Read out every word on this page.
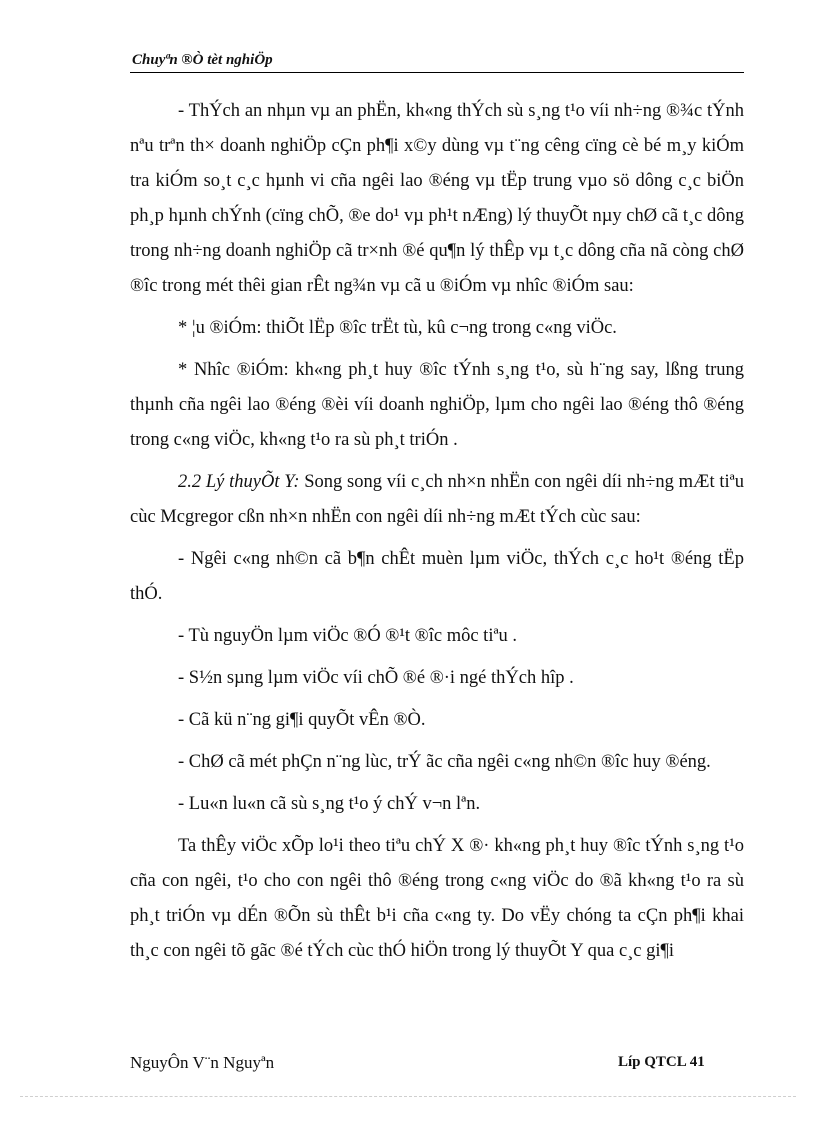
Chuyªn ®Ò tèt nghiÖp

- ThÝch an nhµn vµ an phËn, kh«ng thÝch sù s¸ng t¹o víi nh÷ng ®¾c tÝnh nªu trªn th× doanh nghiÖp cÇn ph¶i x©y dùng vµ t¨ng cêng cïng cè bé m¸y kiÓm tra kiÓm so¸t c¸c hµnh vi cña ngêi lao ®éng vµ tËp trung vµo sö dông c¸c biÖn ph¸p hµnh chÝnh (cïng chÕ, ®e do¹ vµ ph¹t nÆng) lý thuyÕt nµy chØ cã t¸c dông trong nh÷ng doanh nghiÖp cã tr×nh ®é qu¶n lý thÊp vµ t¸c dông cña nã còng chØ ®îc trong mét thêi gian rÊt ng¾n vµ cã u ®iÓm vµ nhîc ®iÓm sau:

* ¦u ®iÓm: thiÕt lËp ®îc trËt tù, kû c¬ng trong c«ng viÖc.

* Nhîc ®iÓm: kh«ng ph¸t huy ®îc tÝnh s¸ng t¹o, sù h¨ng say, lßng trung thµnh cña ngêi lao ®éng ®èi víi doanh nghiÖp, lµm cho ngêi lao ®éng thô ®éng trong c«ng viÖc, kh«ng t¹o ra sù ph¸t triÓn .

2.2 Lý thuyÕt Y: Song song víi c¸ch nh×n nhËn con ngêi díi nh÷ng mÆt tiªu cùc Mcgregor cßn nh×n nhËn con ngêi díi nh÷ng mÆt tÝch cùc sau:

- Ngêi c«ng nh©n cã b¶n chÊt muèn lµm viÖc, thÝch c¸c ho¹t ®éng tËp thÓ.

- Tù nguyÖn lµm viÖc ®Ó ®¹t ®îc môc tiªu .

- S½n sµng lµm viÖc víi chÕ ®é ®·i ngé thÝch hîp .

- Cã kü n¨ng gi¶i quyÕt vÊn ®Ò.

- ChØ cã mét phÇn n¨ng lùc, trÝ ãc cña ngêi c«ng nh©n ®îc huy ®éng.

- Lu«n lu«n cã sù s¸ng t¹o ý chÝ v¬n lªn.

Ta thÊy viÖc xÕp lo¹i theo tiªu chÝ X ®· kh«ng ph¸t huy ®îc tÝnh s¸ng t¹o cña con ngêi, t¹o cho con ngêi thô ®éng trong c«ng viÖc do ®ã kh«ng t¹o ra sù ph¸t triÓn vµ dÉn ®Õn sù thÊt b¹i cña c«ng ty. Do vËy chóng ta cÇn ph¶i khai th¸c con ngêi tõ gãc ®é tÝch cùc thÓ hiÖn trong lý thuyÕt Y qua c¸c gi¶i

NguyÔn V¨n Nguyªn	Líp QTCL 41
